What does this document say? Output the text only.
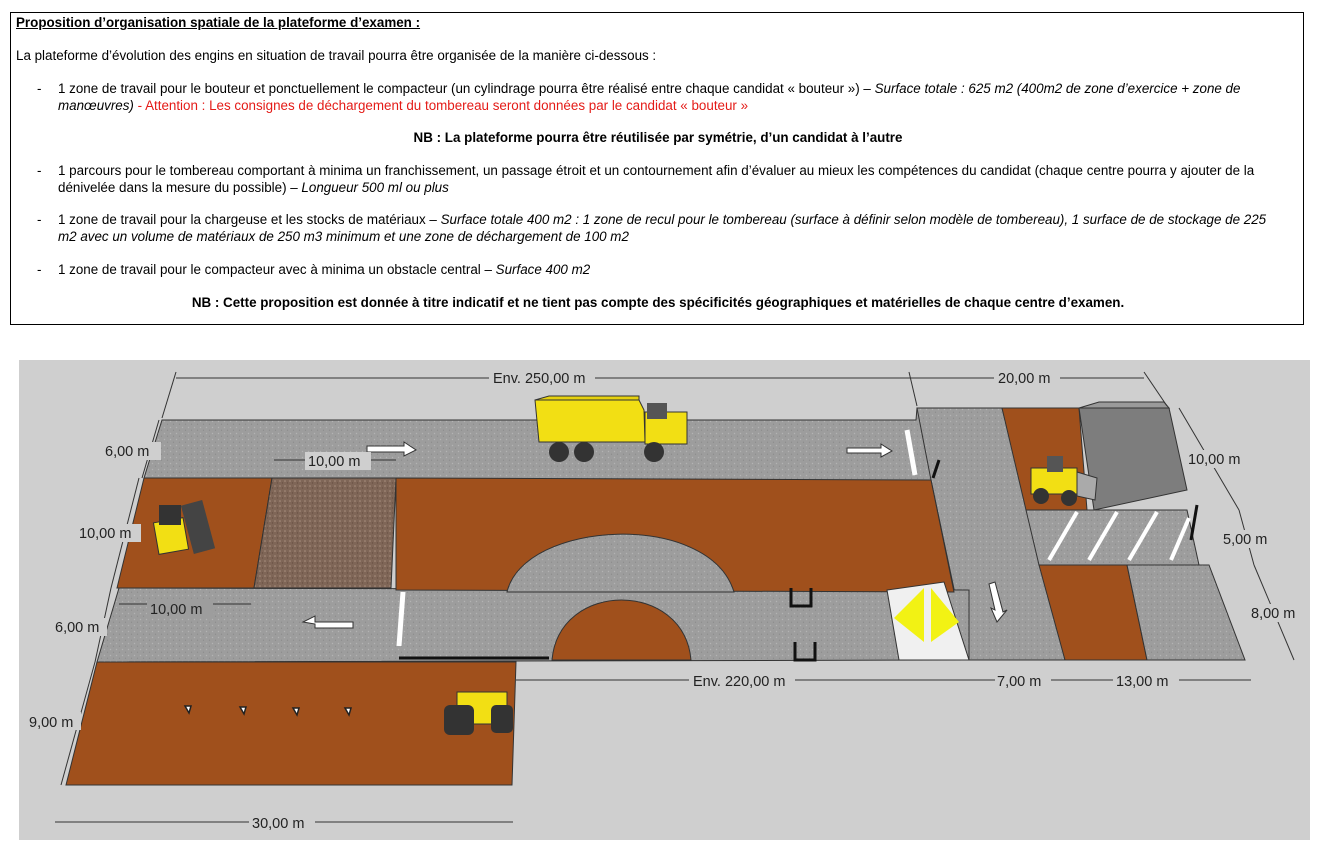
Proposition d’organisation spatiale de la plateforme d’examen :
La plateforme d’évolution des engins en situation de travail pourra être organisée de la manière ci-dessous :
- 1 zone de travail pour le bouteur et ponctuellement le compacteur (un cylindrage pourra être réalisé entre chaque candidat « bouteur ») – Surface totale : 625 m2 (400m2 de zone d’exercice + zone de manœuvres) - Attention : Les consignes de déchargement du tombereau seront données par le candidat « bouteur »
NB : La plateforme pourra être réutilisée par symétrie, d’un candidat à l’autre
- 1 parcours pour le tombereau comportant à minima un franchissement, un passage étroit et un contournement afin d’évaluer au mieux les compétences du candidat (chaque centre pourra y ajouter de la dénivelée dans la mesure du possible) – Longueur 500 ml ou plus
- 1 zone de travail pour la chargeuse et les stocks de matériaux – Surface totale 400 m2 : 1 zone de recul pour le tombereau (surface à définir selon modèle de tombereau), 1 surface de de stockage de 225 m2 avec un volume de matériaux de 250 m3 minimum et une zone de déchargement de 100 m2
- 1 zone de travail pour le compacteur avec à minima un obstacle central – Surface 400 m2
NB : Cette proposition est donnée à titre indicatif et ne tient pas compte des spécificités géographiques et matérielles de chaque centre d’examen.
Env. 250,00 m	20,00 m
6,00 m
10,00 m
6,00 m
9,00 m
10,00 m
10,00 m
30,00 m
Env. 220,00 m	7,00 m	13,00 m
10,00 m
5,00 m
8,00 m
